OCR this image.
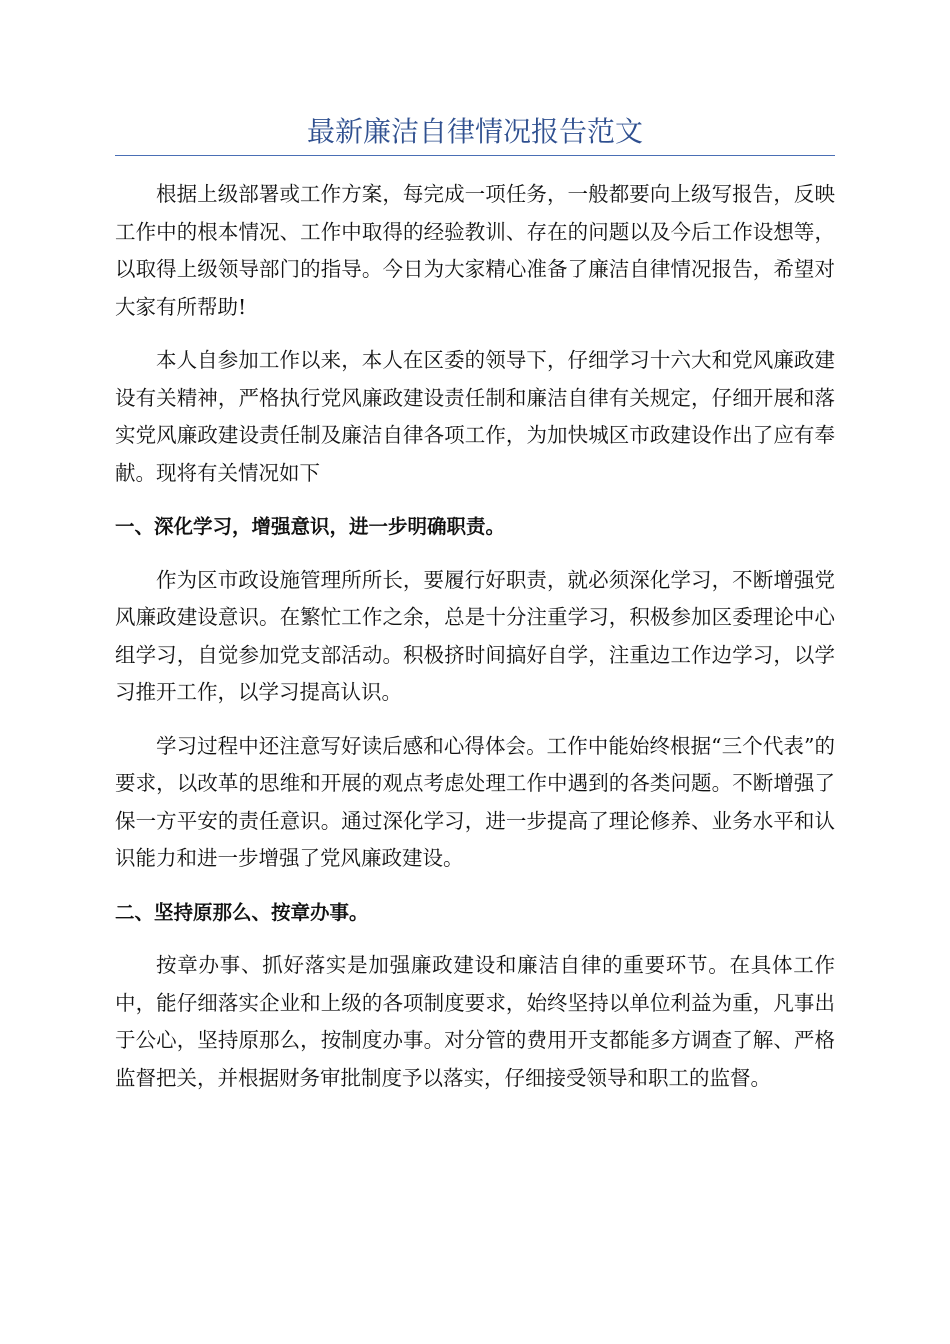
最新廉洁自律情况报告范文

根据上级部署或工作方案，每完成一项任务，一般都要向上级写报告，反映工作中的根本情况、工作中取得的经验教训、存在的问题以及今后工作设想等，以取得上级领导部门的指导。今日为大家精心准备了廉洁自律情况报告，希望对大家有所帮助!

本人自参加工作以来，本人在区委的领导下，仔细学习十六大和党风廉政建设有关精神，严格执行党风廉政建设责任制和廉洁自律有关规定，仔细开展和落实党风廉政建设责任制及廉洁自律各项工作，为加快城区市政建设作出了应有奉献。现将有关情况如下

一、深化学习，增强意识，进一步明确职责。

作为区市政设施管理所所长，要履行好职责，就必须深化学习，不断增强党风廉政建设意识。在繁忙工作之余，总是十分注重学习，积极参加区委理论中心组学习，自觉参加党支部活动。积极挤时间搞好自学，注重边工作边学习，以学习推开工作，以学习提高认识。

学习过程中还注意写好读后感和心得体会。工作中能始终根据“三个代表”的要求，以改革的思维和开展的观点考虑处理工作中遇到的各类问题。不断增强了保一方平安的责任意识。通过深化学习，进一步提高了理论修养、业务水平和认识能力和进一步增强了党风廉政建设。

二、坚持原那么、按章办事。

按章办事、抓好落实是加强廉政建设和廉洁自律的重要环节。在具体工作中，能仔细落实企业和上级的各项制度要求，始终坚持以单位利益为重，凡事出于公心，坚持原那么，按制度办事。对分管的费用开支都能多方调查了解、严格监督把关，并根据财务审批制度予以落实，仔细接受领导和职工的监督。
